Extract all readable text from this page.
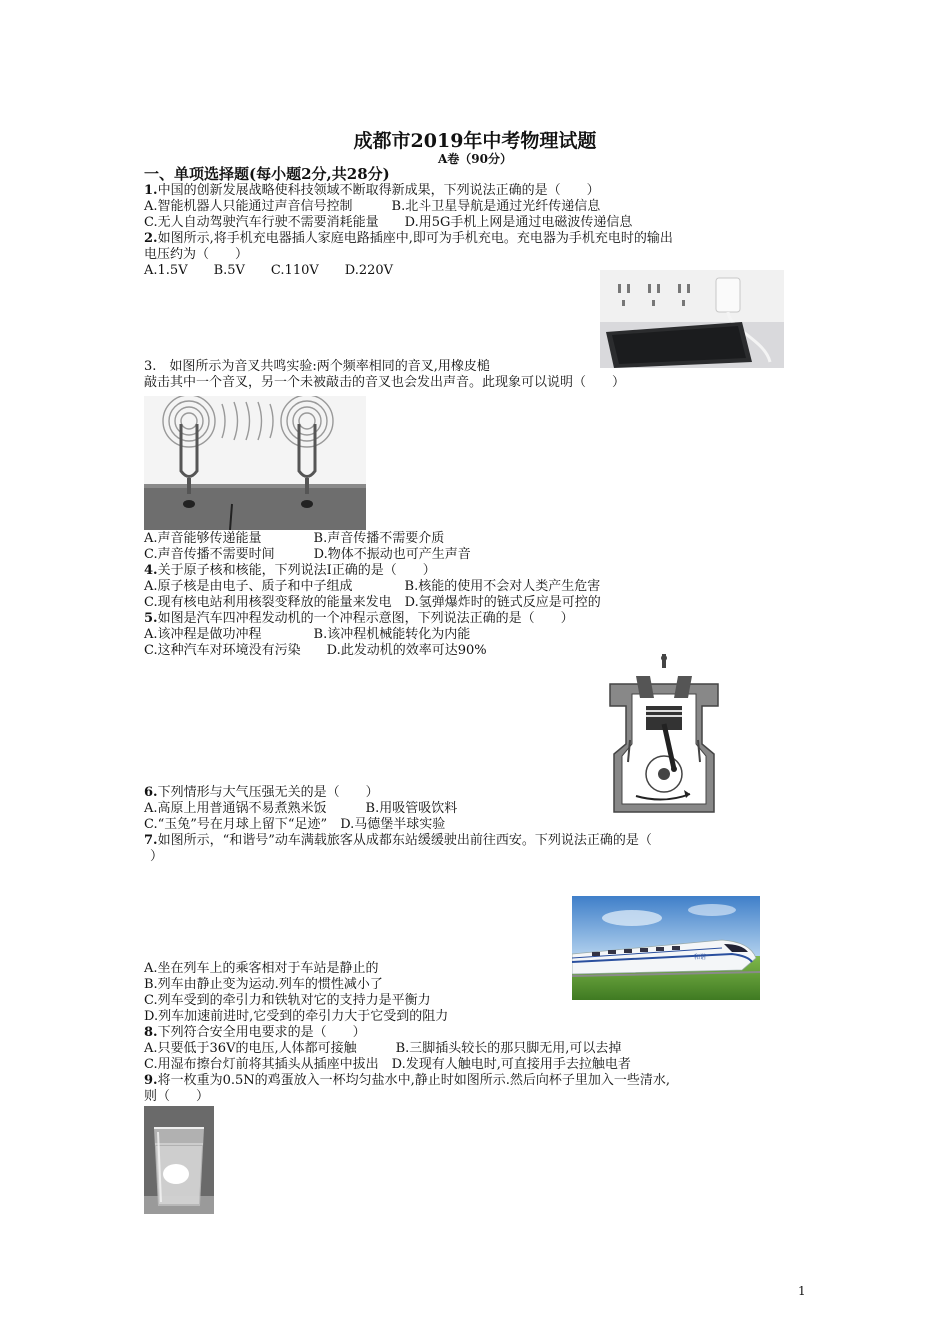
成都市2019年中考物理试题
A卷（90分）
一、单项选择题(每小题2分,共28分)
1.中国的创新发展战略使科技领域不断取得新成果，下列说法正确的是（　　）
A.智能机器人只能通过声音信号控制　　　B.北斗卫星导航是通过光纤传递信息
C.无人自动驾驶汽车行驶不需要消耗能量　　D.用5G手机上网是通过电磁波传递信息
2.如图所示,将手机充电器插人家庭电路插座中,即可为手机充电。充电器为手机充电时的输出
电压约为（　　）
A.1.5V　　B.5V　　C.110V　　D.220V
3.　如图所示为音叉共鸣实验:两个频率相同的音叉,用橡皮槌
敲击其中一个音叉，另一个未被敲击的音叉也会发出声音。此现象可以说明（　　）
A.声音能够传递能量　　　　B.声音传播不需要介质
C.声音传播不需要时间　　　D.物体不振动也可产生声音
4.关于原子核和核能，下列说法I正确的是（　　）
A.原子核是由电子、质子和中子组成　　　　B.核能的使用不会对人类产生危害
C.现有核电站利用核裂变释放的能量来发电　D.氢弹爆炸时的链式反应是可控的
5.如图是汽车四冲程发动机的一个冲程示意图，下列说法正确的是（　　）
A.该冲程是做功冲程　　　　B.该冲程机械能转化为内能
C.这种汽车对环境没有污染　　D.此发动机的效率可达90%
6.下列情形与大气压强无关的是（　　）
A.高原上用普通锅不易煮熟米饭　　　B.用吸管吸饮料
C.“玉兔”号在月球上留下“足迹”　D.马德堡半球实验
7.如图所示，“和谐号”动车满载旅客从成都东站缓缓驶出前往西安。下列说法正确的是（
）
和谐
A.坐在列车上的乘客相对于车站是静止的
B.列车由静止变为运动.列车的惯性减小了
C.列车受到的牵引力和铁轨对它的支持力是平衡力
D.列车加速前进时,它受到的牵引力大于它受到的阻力
8.下列符合安全用电要求的是（　　）
A.只要低于36V的电压,人体都可接触　　　B.三脚插头较长的那只脚无用,可以去掉
C.用湿布擦台灯前将其插头从插座中拔出　D.发现有人触电时,可直接用手去拉触电者
9.将一枚重为0.5N的鸡蛋放入一杯均匀盐水中,静止时如图所示.然后向杯子里加入一些清水,
则（　　）
1
